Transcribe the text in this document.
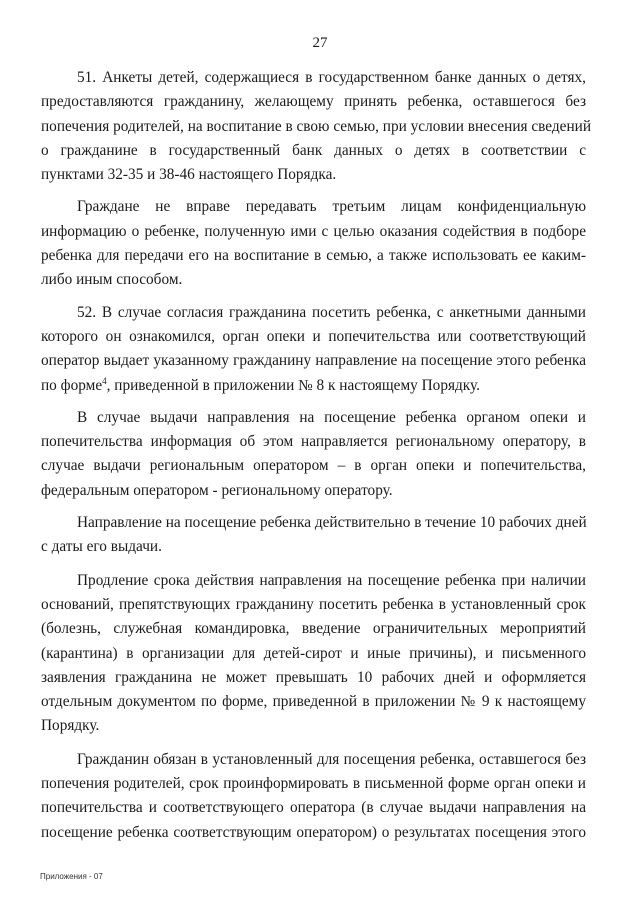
27

51. Анкеты детей, содержащиеся в государственном банке данных о детях,
предоставляются гражданину, желающему принять ребенка, оставшегося без
попечения родителей, на воспитание в свою семью, при условии внесения сведений
о гражданине в государственный банк данных о детях в соответствии с
пунктами 32-35 и 38-46 настоящего Порядка.

Граждане не вправе передавать третьим лицам конфиденциальную
информацию о ребенке, полученную ими с целью оказания содействия в подборе
ребенка для передачи его на воспитание в семью, а также использовать ее каким-
либо иным способом.

52. В случае согласия гражданина посетить ребенка, с анкетными данными
которого он ознакомился, орган опеки и попечительства или соответствующий
оператор выдает указанному гражданину направление на посещение этого ребенка
по форме$^4$, приведенной в приложении № 8 к настоящему Порядку.

В случае выдачи направления на посещение ребенка органом опеки и
попечительства информация об этом направляется региональному оператору, в
случае выдачи региональным оператором – в орган опеки и попечительства,
федеральным оператором - региональному оператору.

Направление на посещение ребенка действительно в течение 10 рабочих дней
с даты его выдачи.

Продление срока действия направления на посещение ребенка при наличии
оснований, препятствующих гражданину посетить ребенка в установленный срок
(болезнь, служебная командировка, введение ограничительных мероприятий
(карантина) в организации для детей-сирот и иные причины), и письменного
заявления гражданина не может превышать 10 рабочих дней и оформляется
отдельным документом по форме, приведенной в приложении № 9 к настоящему
Порядку.

Гражданин обязан в установленный для посещения ребенка, оставшегося без
попечения родителей, срок проинформировать в письменной форме орган опеки и
попечительства и соответствующего оператора (в случае выдачи направления на
посещение ребенка соответствующим оператором) о результатах посещения этого

Приложения - 07
